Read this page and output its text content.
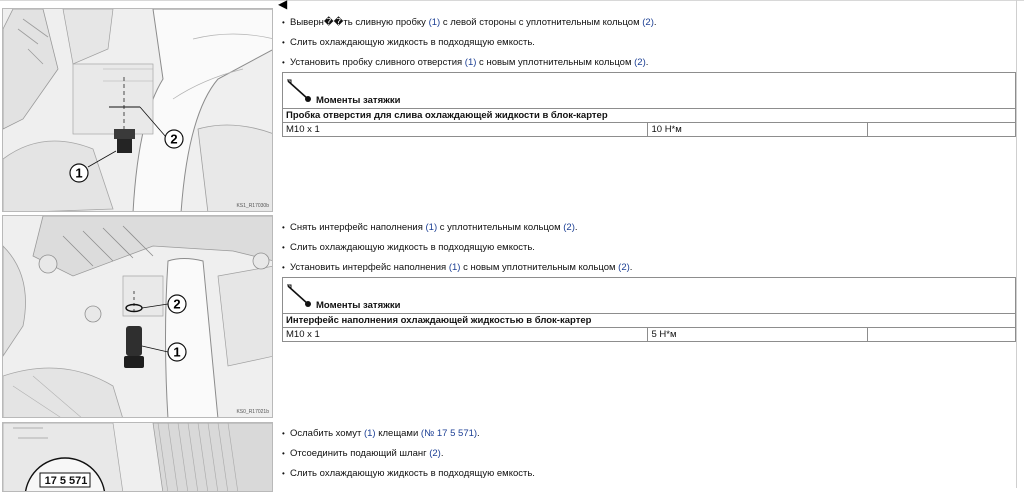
◀
2
1
KS1_R17030b
• Выверн��ть сливную пробку (1) с левой стороны с уплотнительным кольцом (2).
• Слить охлаждающую жидкость в подходящую емкость.
• Установить пробку сливного отверстия (1) с новым уплотнительным кольцом (2).
Моменты затяжки
Пробка отверстия для слива охлаждающей жидкости в блок-картер
M10 x 1	10 Н*м	
2
1
KS0_R17021b
• Снять интерфейс наполнения (1) с уплотнительным кольцом (2).
• Слить охлаждающую жидкость в подходящую емкость.
• Установить интерфейс наполнения (1) с новым уплотнительным кольцом (2).
Моменты затяжки
Интерфейс наполнения охлаждающей жидкостью в блок-картер
M10 x 1	5 Н*м	
17 5 571
• Ослабить хомут (1) клещами (№ 17 5 571).
• Отсоединить подающий шланг (2).
• Слить охлаждающую жидкость в подходящую емкость.
